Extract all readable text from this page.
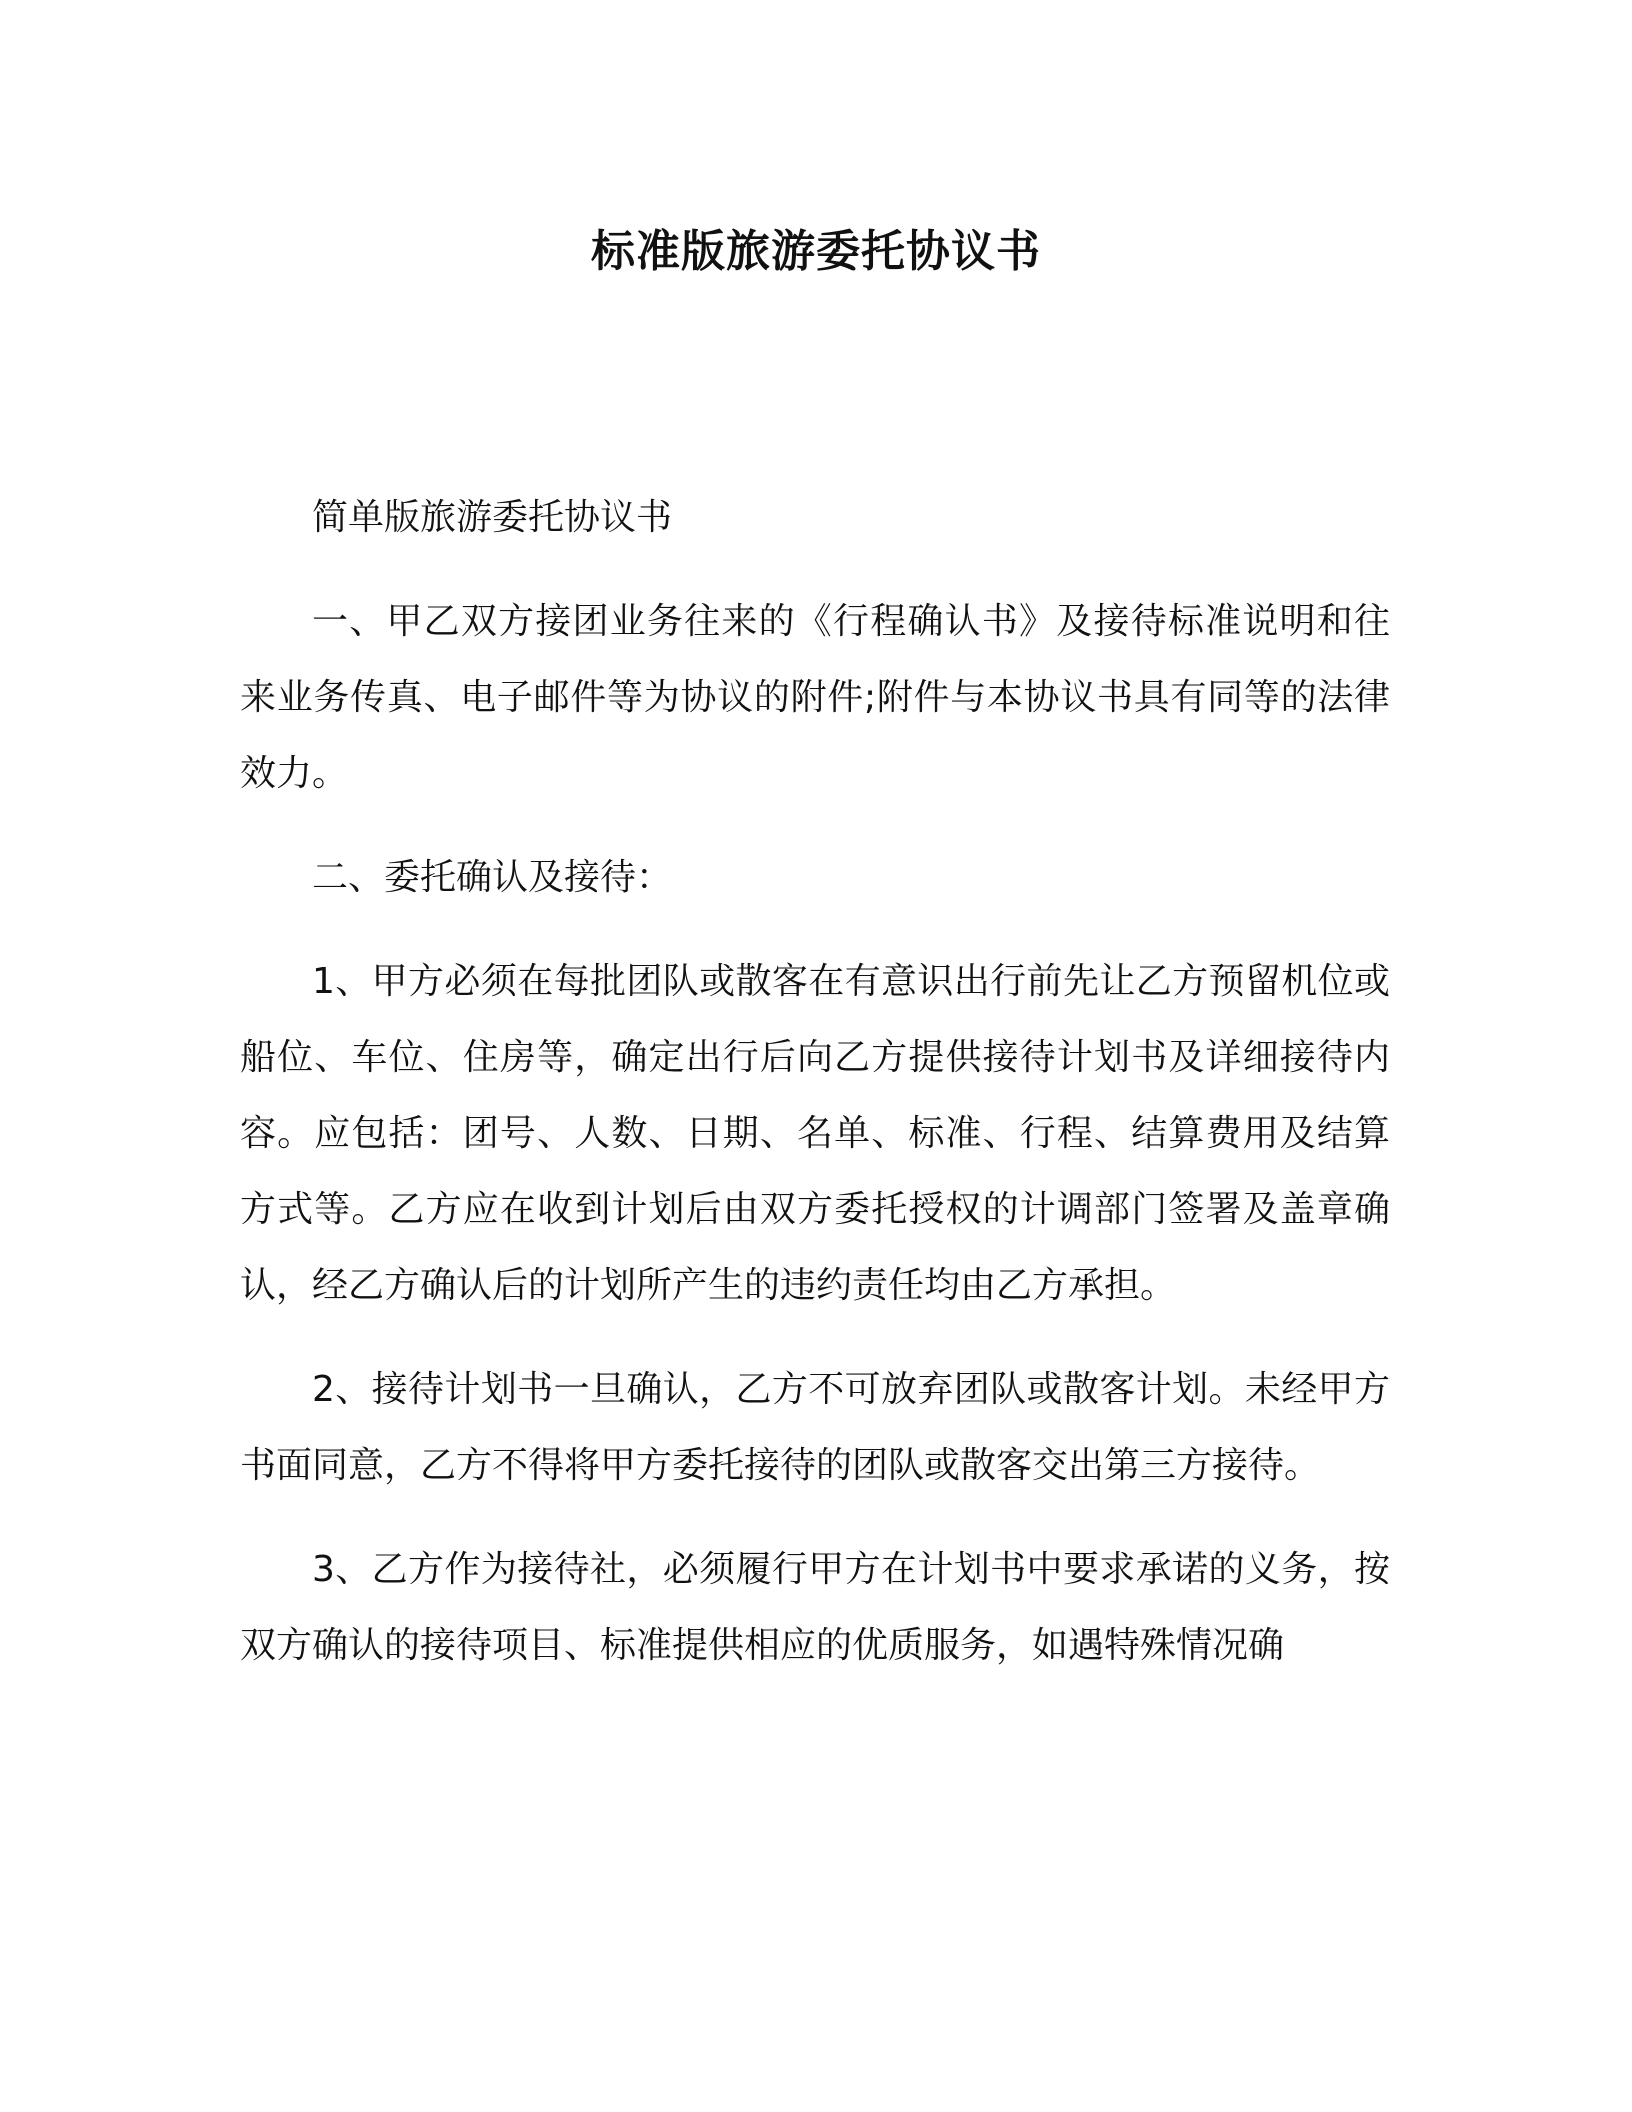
标准版旅游委托协议书

简单版旅游委托协议书

一、甲乙双方接团业务往来的《行程确认书》及接待标准说明和往来业务传真、电子邮件等为协议的附件;附件与本协议书具有同等的法律效力。

二、委托确认及接待：

1、甲方必须在每批团队或散客在有意识出行前先让乙方预留机位或船位、车位、住房等，确定出行后向乙方提供接待计划书及详细接待内容。应包括：团号、人数、日期、名单、标准、行程、结算费用及结算方式等。乙方应在收到计划后由双方委托授权的计调部门签署及盖章确认，经乙方确认后的计划所产生的违约责任均由乙方承担。

2、接待计划书一旦确认，乙方不可放弃团队或散客计划。未经甲方书面同意，乙方不得将甲方委托接待的团队或散客交出第三方接待。

3、乙方作为接待社，必须履行甲方在计划书中要求承诺的义务，按双方确认的接待项目、标准提供相应的优质服务，如遇特殊情况确
